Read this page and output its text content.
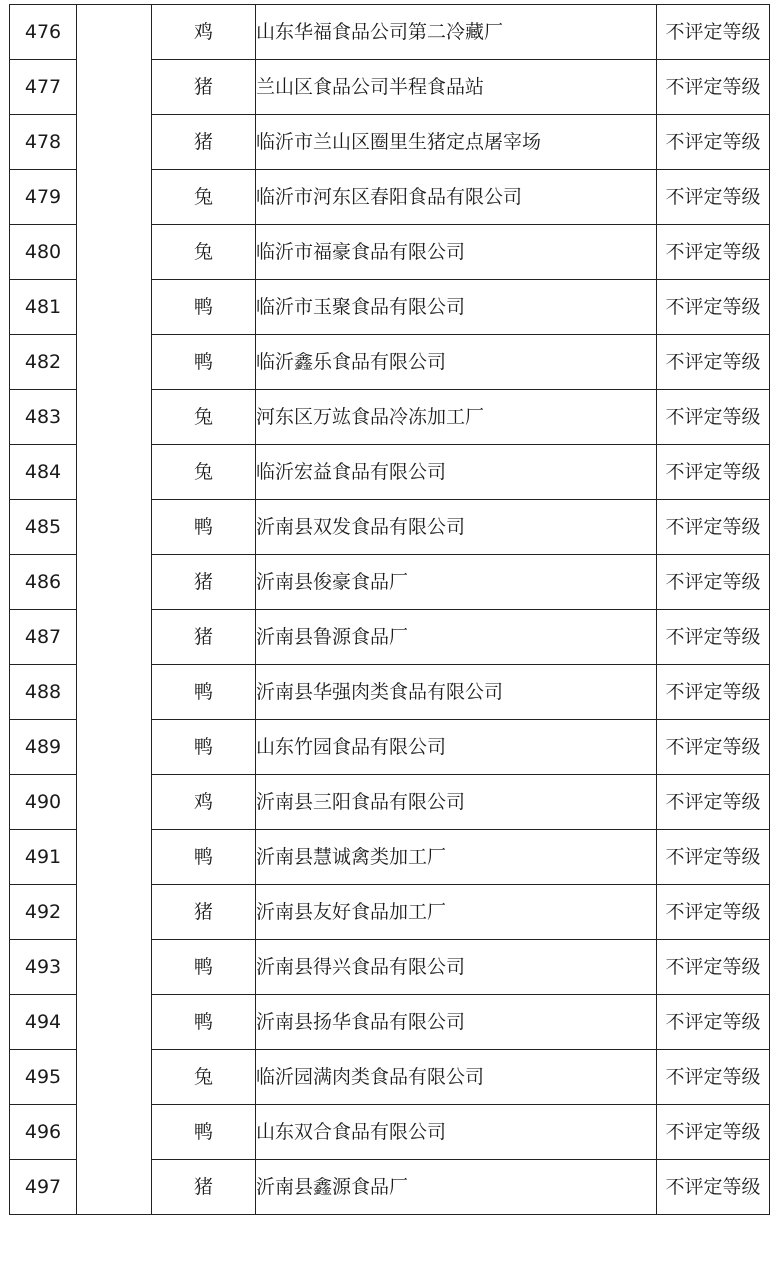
476		鸡	山东华福食品公司第二冷藏厂	不评定等级
477		猪	兰山区食品公司半程食品站	不评定等级
478		猪	临沂市兰山区圈里生猪定点屠宰场	不评定等级
479		兔	临沂市河东区春阳食品有限公司	不评定等级
480		兔	临沂市福豪食品有限公司	不评定等级
481		鸭	临沂市玉聚食品有限公司	不评定等级
482		鸭	临沂鑫乐食品有限公司	不评定等级
483		兔	河东区万竑食品冷冻加工厂	不评定等级
484		兔	临沂宏益食品有限公司	不评定等级
485		鸭	沂南县双发食品有限公司	不评定等级
486		猪	沂南县俊豪食品厂	不评定等级
487		猪	沂南县鲁源食品厂	不评定等级
488		鸭	沂南县华强肉类食品有限公司	不评定等级
489		鸭	山东竹园食品有限公司	不评定等级
490		鸡	沂南县三阳食品有限公司	不评定等级
491		鸭	沂南县慧诚禽类加工厂	不评定等级
492		猪	沂南县友好食品加工厂	不评定等级
493		鸭	沂南县得兴食品有限公司	不评定等级
494		鸭	沂南县扬华食品有限公司	不评定等级
495		兔	临沂园满肉类食品有限公司	不评定等级
496		鸭	山东双合食品有限公司	不评定等级
497		猪	沂南县鑫源食品厂	不评定等级
